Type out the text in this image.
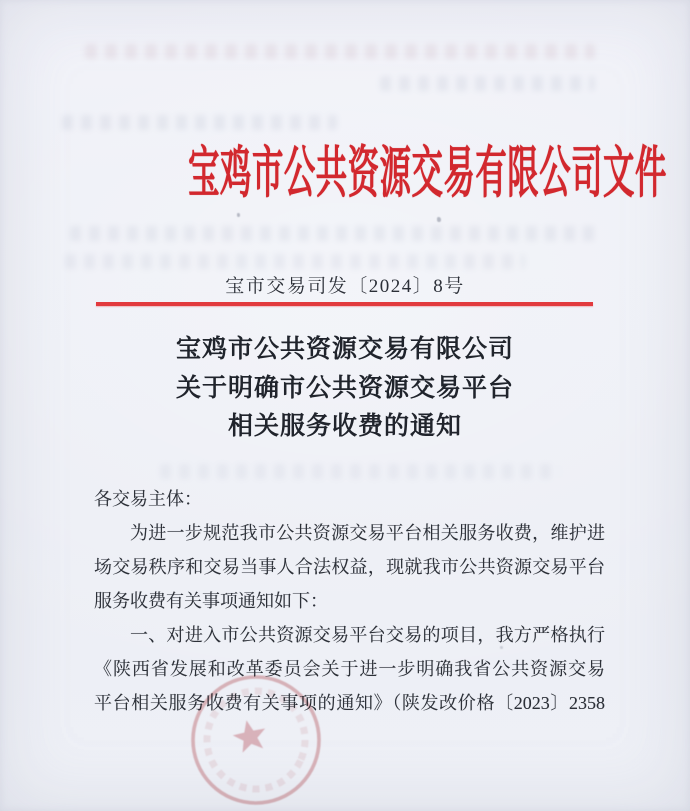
宝鸡市公共资源交易有限公司文件
宝市交易司发〔2024〕8号
宝鸡市公共资源交易有限公司
关于明确市公共资源交易平台
相关服务收费的通知
各交易主体：
为进一步规范我市公共资源交易平台相关服务收费，维护进
场交易秩序和交易当事人合法权益，现就我市公共资源交易平台
服务收费有关事项通知如下：
一、对进入市公共资源交易平台交易的项目，我方严格执行
《陕西省发展和改革委员会关于进一步明确我省公共资源交易
平台相关服务收费有关事项的通知》（陕发改价格〔2023〕2358
